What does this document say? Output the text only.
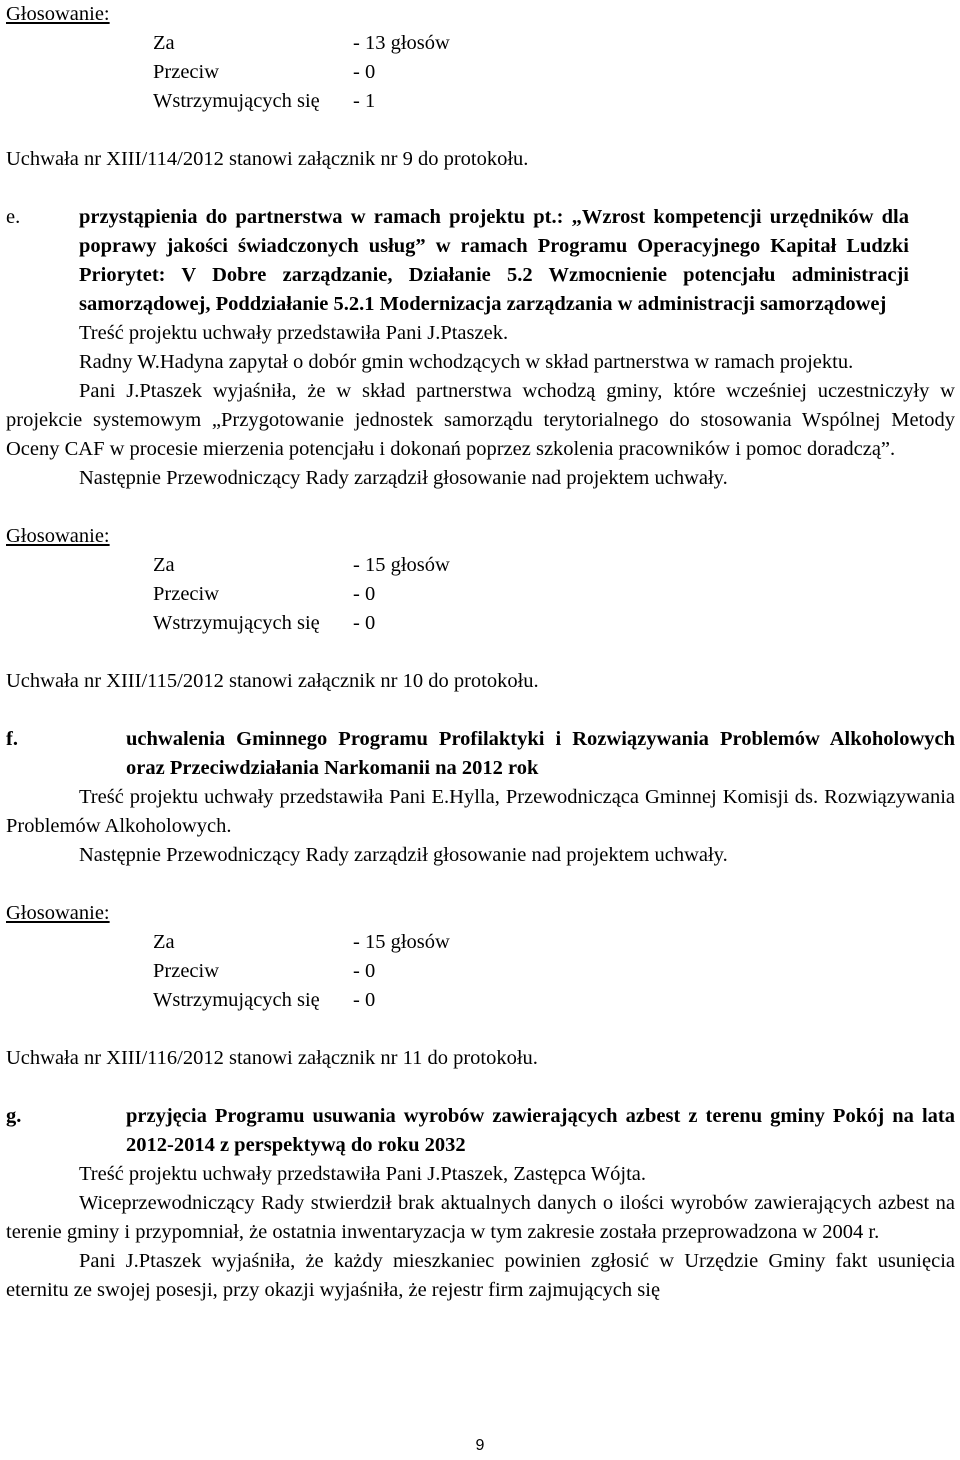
Głosowanie:

Za	- 13 głosów
Przeciw	- 0
Wstrzymujących się	- 1

Uchwała nr XIII/114/2012 stanowi załącznik nr 9 do protokołu.

e.	przystąpienia do partnerstwa w ramach projektu pt.: „Wzrost kompetencji urzędników dla poprawy jakości świadczonych usług” w ramach Programu Operacyjnego Kapitał Ludzki Priorytet: V Dobre zarządzanie, Działanie 5.2 Wzmocnienie potencjału administracji samorządowej, Poddziałanie 5.2.1 Modernizacja zarządzania w administracji samorządowej

Treść projektu uchwały przedstawiła Pani J.Ptaszek.

Radny W.Hadyna zapytał o dobór gmin wchodzących w skład partnerstwa w ramach projektu.

Pani J.Ptaszek wyjaśniła, że w skład partnerstwa wchodzą gminy, które wcześniej uczestniczyły w projekcie systemowym „Przygotowanie jednostek samorządu terytorialnego do stosowania Wspólnej Metody Oceny CAF w procesie mierzenia potencjału i dokonań poprzez szkolenia pracowników i pomoc doradczą”.

Następnie Przewodniczący Rady zarządził głosowanie nad projektem uchwały.

Głosowanie:

Za	- 15 głosów
Przeciw	- 0
Wstrzymujących się	- 0

Uchwała nr XIII/115/2012 stanowi załącznik nr 10 do protokołu.

f.	uchwalenia Gminnego Programu Profilaktyki i Rozwiązywania Problemów Alkoholowych oraz Przeciwdziałania Narkomanii na 2012 rok

Treść projektu uchwały przedstawiła Pani E.Hylla, Przewodnicząca Gminnej Komisji ds. Rozwiązywania Problemów Alkoholowych.

Następnie Przewodniczący Rady zarządził głosowanie nad projektem uchwały.

Głosowanie:

Za	- 15 głosów
Przeciw	- 0
Wstrzymujących się	- 0

Uchwała nr XIII/116/2012 stanowi załącznik nr 11 do protokołu.

g.	przyjęcia Programu usuwania wyrobów zawierających azbest z terenu gminy Pokój na lata 2012-2014 z perspektywą do roku 2032

Treść projektu uchwały przedstawiła Pani J.Ptaszek, Zastępca Wójta.

Wiceprzewodniczący Rady stwierdził brak aktualnych danych o ilości wyrobów zawierających azbest na terenie gminy i przypomniał, że ostatnia inwentaryzacja w tym zakresie została przeprowadzona w 2004 r.

Pani J.Ptaszek wyjaśniła, że każdy mieszkaniec powinien zgłosić w Urzędzie Gminy fakt usunięcia eternitu ze swojej posesji, przy okazji wyjaśniła, że rejestr firm zajmujących się

9
